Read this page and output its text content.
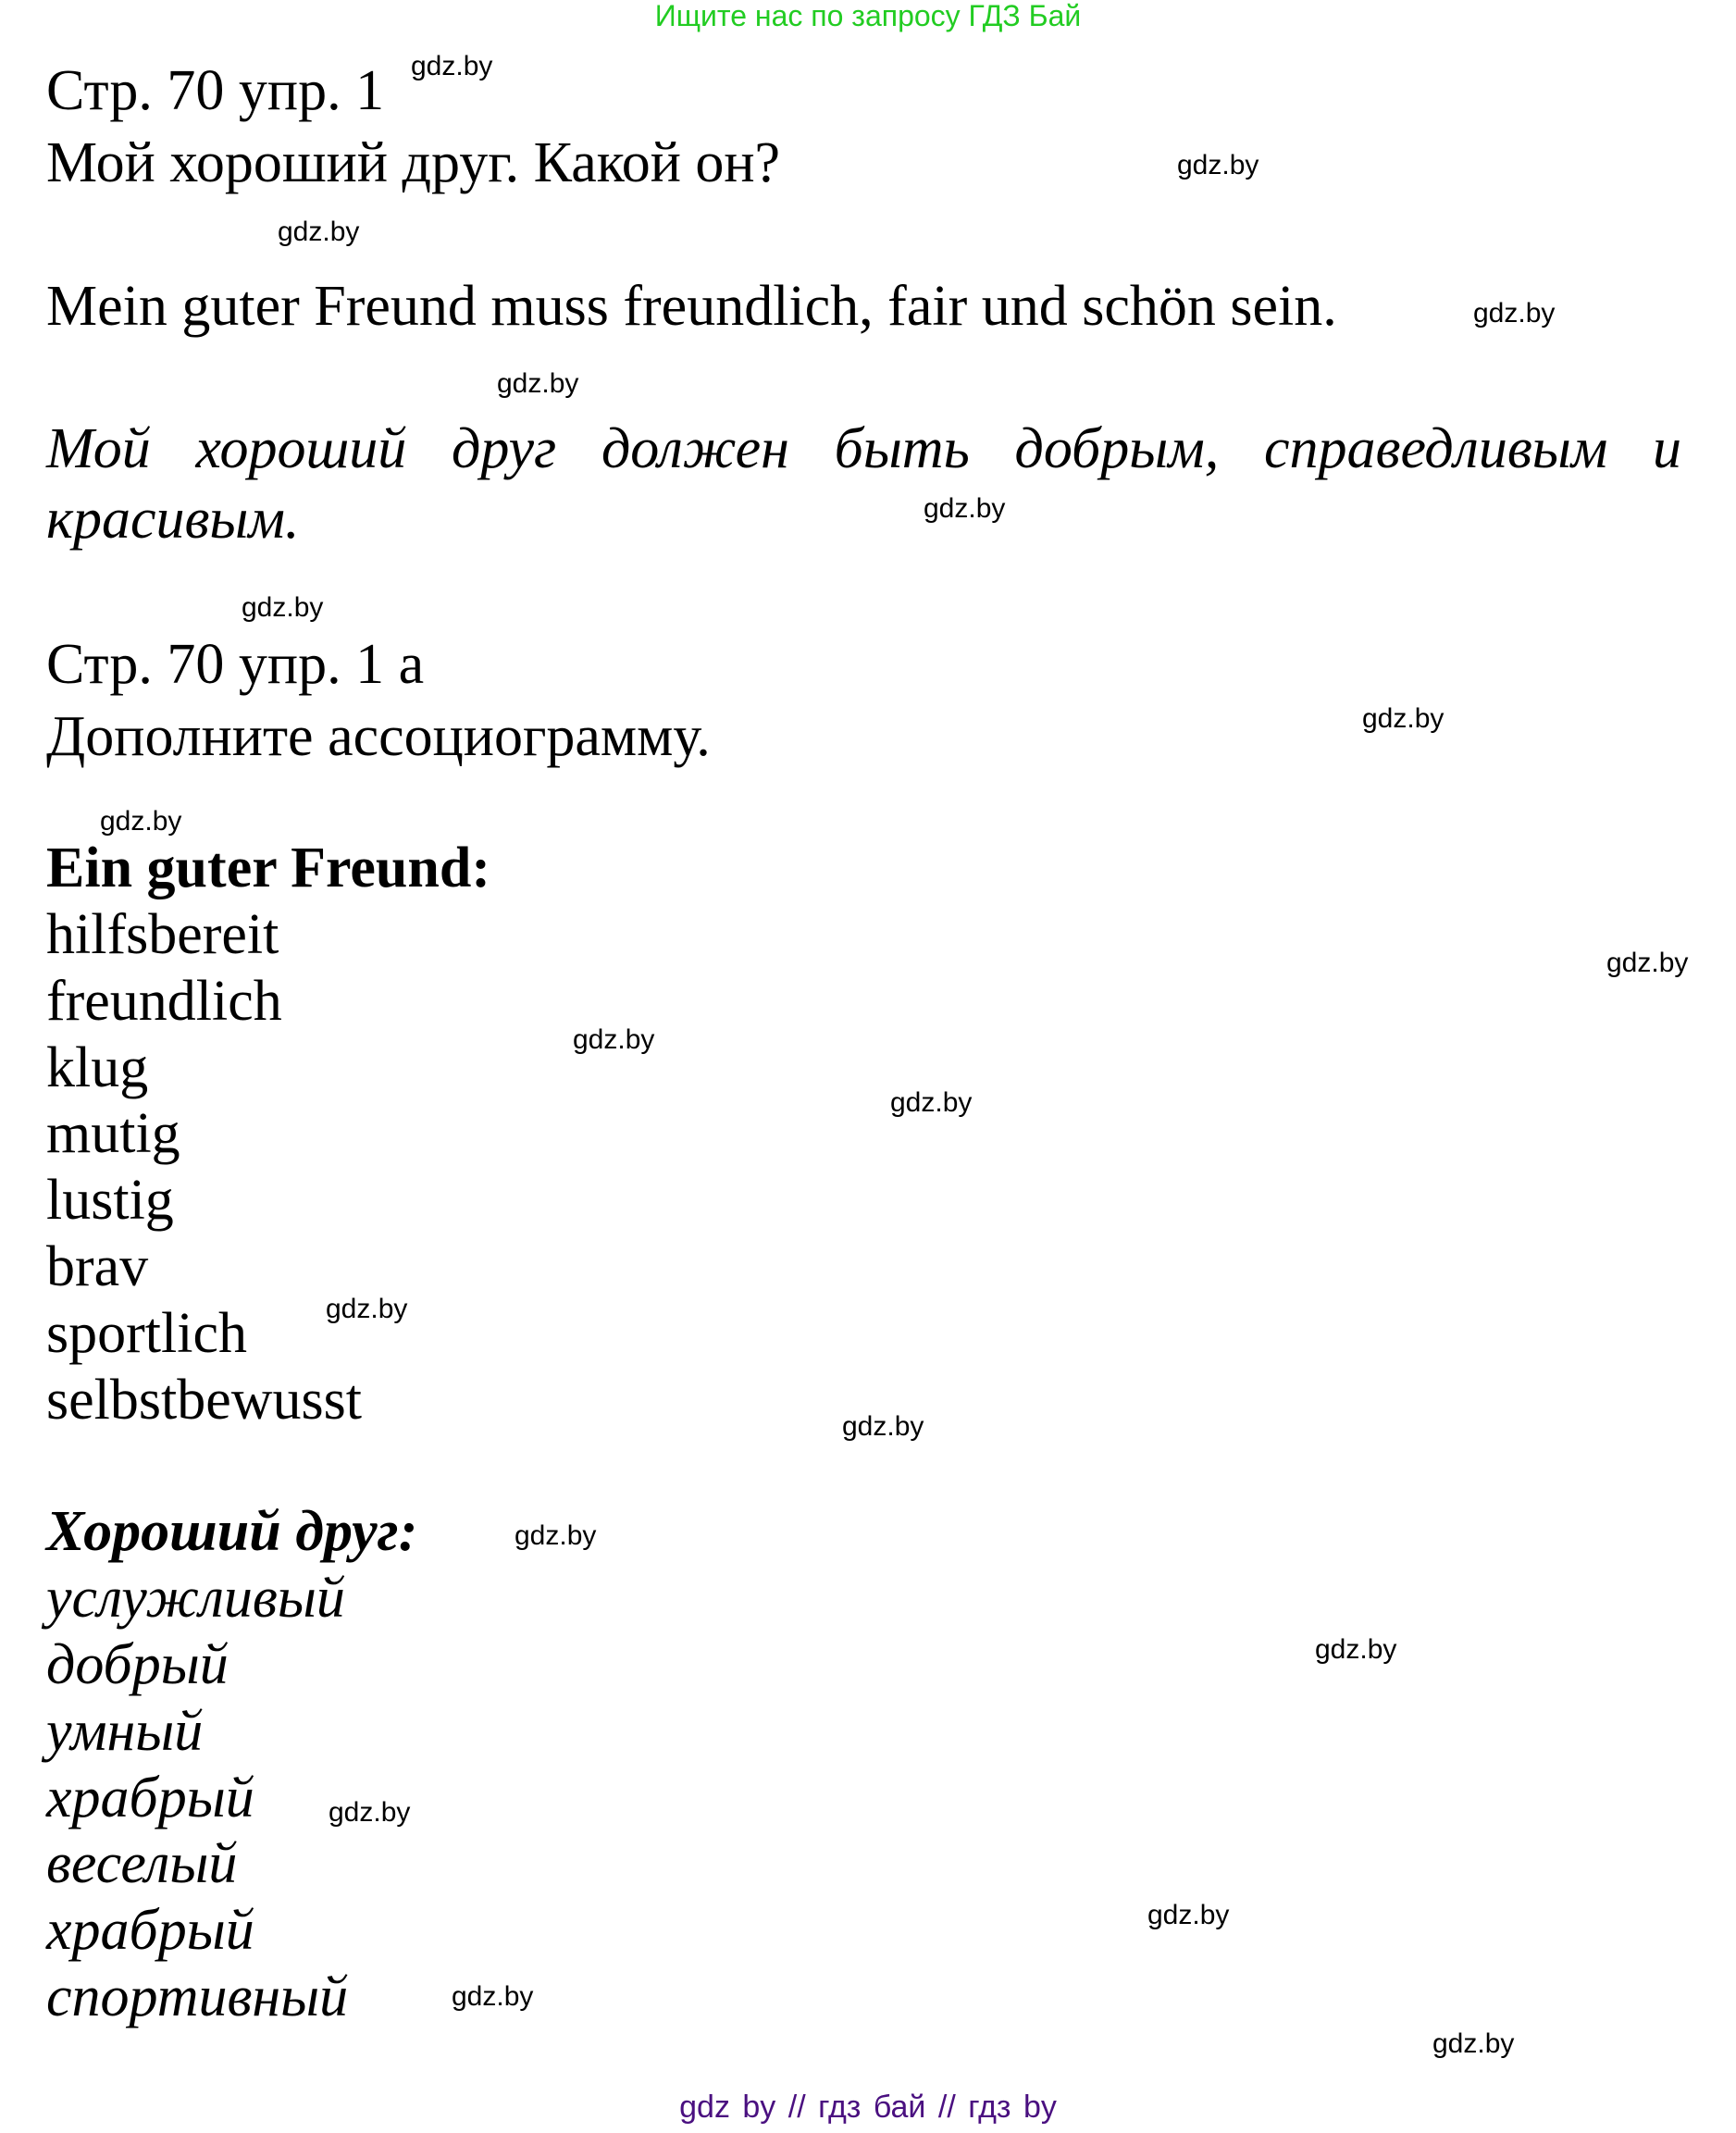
Ищите нас по запросу ГДЗ Бай
Стр. 70 упр. 1
Мой хороший друг. Какой он?
Mein guter Freund muss freundlich, fair und schön sein.
Мой хороший друг должен быть добрым, справедливым и
красивым.
Стр. 70 упр. 1 а
Дополните ассоциограмму.
Ein guter Freund:
hilfsbereit
freundlich
klug
mutig
lustig
brav
sportlich
selbstbewusst
Хороший друг:
услужливый
добрый
умный
храбрый
веселый
храбрый
спортивный
gdz.by
gdz.by
gdz.by
gdz.by
gdz.by
gdz.by
gdz.by
gdz.by
gdz.by
gdz.by
gdz.by
gdz.by
gdz.by
gdz.by
gdz.by
gdz.by
gdz.by
gdz.by
gdz.by
gdz.by
gdz by // гдз бай // гдз by
